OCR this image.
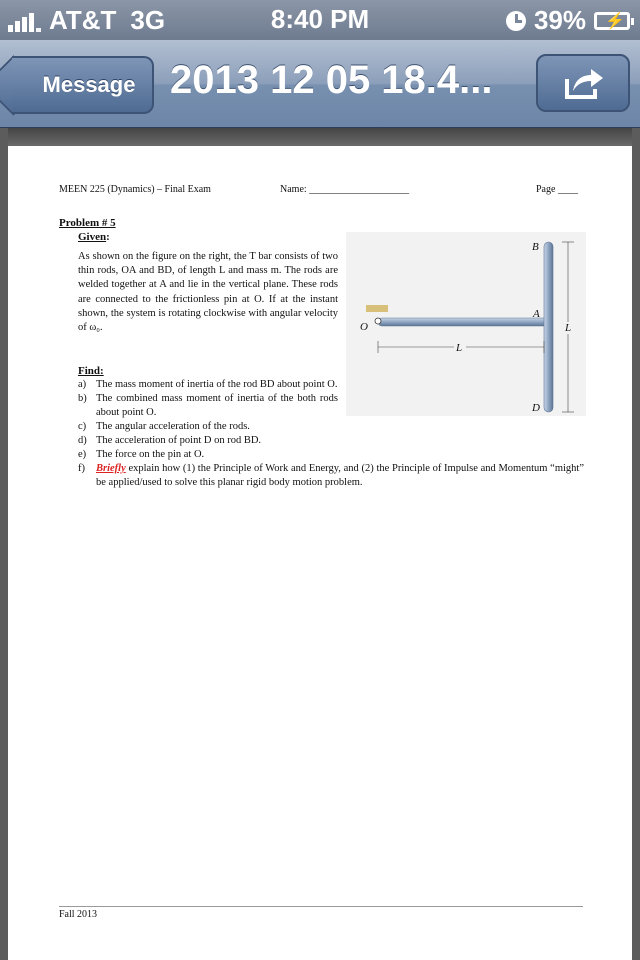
AT&T 3G	8:40 PM	39% ⚡
Message 2013 12 05 18.4...
MEEN 225 (Dynamics) – Final Exam	Name: ____________________	Page ____
Problem # 5
Given:
As shown on the figure on the right, the T bar consists of two thin rods, OA and BD, of length L and mass m. The rods are welded together at A and lie in the vertical plane. These rods are connected to the frictionless pin at O. If at the instant shown, the system is rotating clockwise with angular velocity of ω₀.
Find:
a) The mass moment of inertia of the rod BD about point O.
b) The combined mass moment of inertia of the both rods about point O.
c) The angular acceleration of the rods.
d) The acceleration of point D on rod BD.
e) The force on the pin at O.
f)	Briefly explain how (1) the Principle of Work and Energy, and (2) the Principle of Impulse and Momentum “might” be applied/used to solve this planar rigid body motion problem.
B
A
O
D
L
L
Fall 2013
